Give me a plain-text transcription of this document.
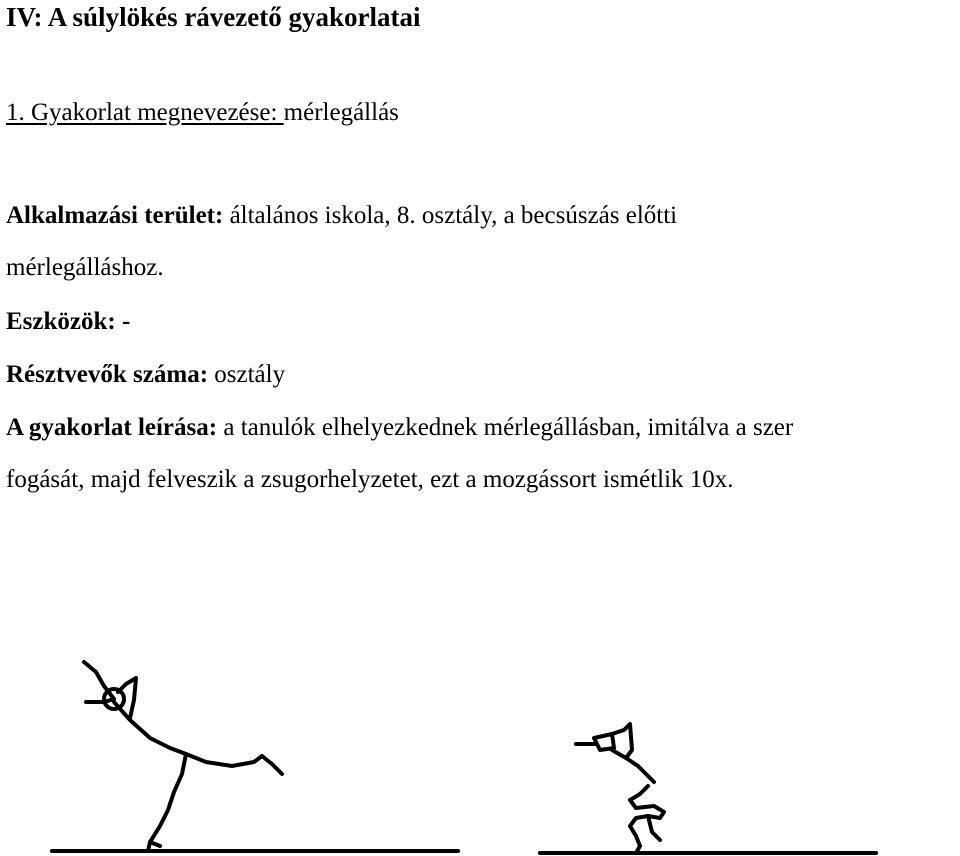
IV: A súlylökés rávezető gyakorlatai
1. Gyakorlat megnevezése: mérlegállás
Alkalmazási terület: általános iskola, 8. osztály, a becsúszás előtti
mérlegálláshoz.
Eszközök: -
Résztvevők száma: osztály
A gyakorlat leírása: a tanulók elhelyezkednek mérlegállásban, imitálva a szer
fogását, majd felveszik a zsugorhelyzetet, ezt a mozgássort ismétlik 10x.
